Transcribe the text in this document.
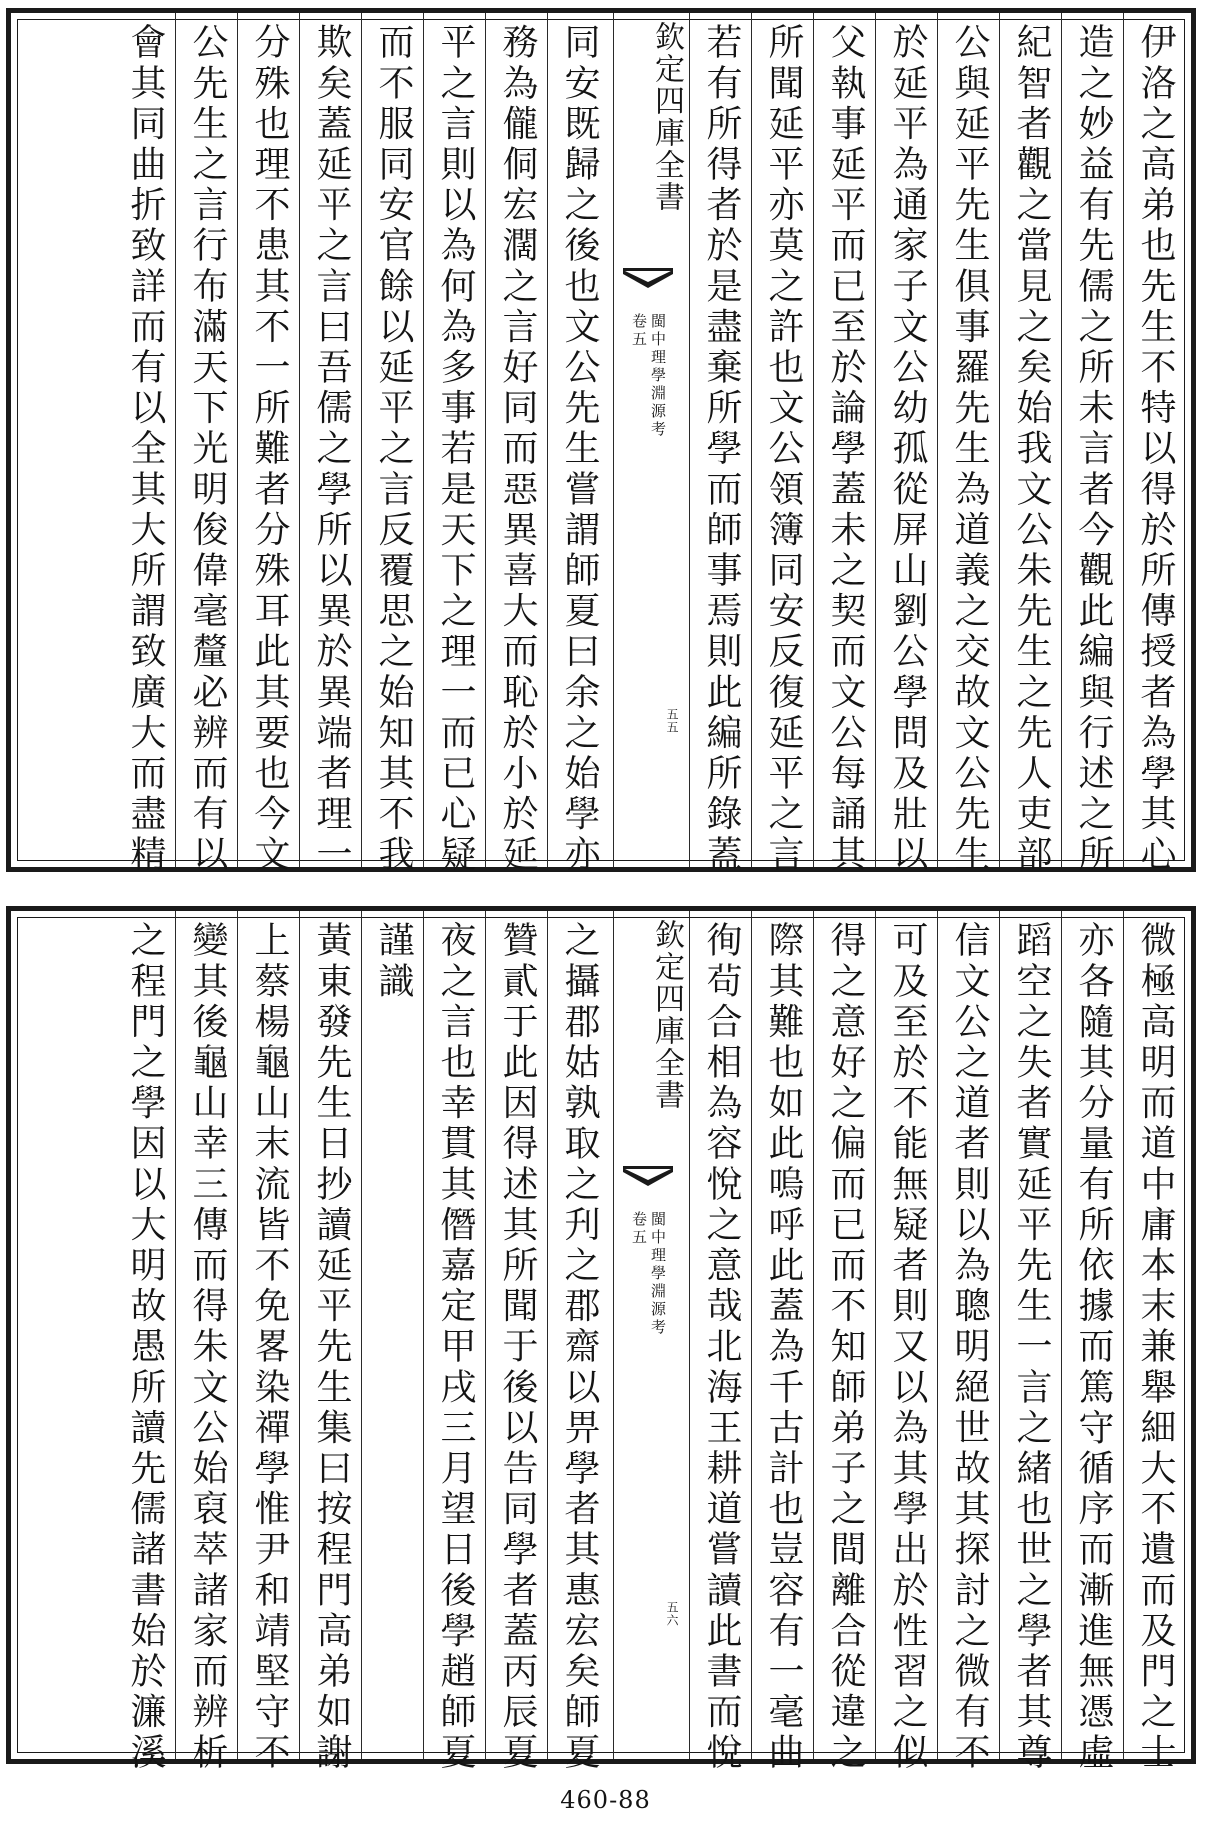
伊洛之高弟也先生不特以得於所傳授者為學其心
造之妙益有先儒之所未言者今觀此編與行述之所
紀智者觀之當見之矣始我文公朱先生之先人吏部
公與延平先生俱事羅先生為道義之交故文公先生
於延平為通家子文公幼孤從屏山劉公學問及壯以
父執事延平而已至於論學蓋未之契而文公每誦其
所聞延平亦莫之許也文公領簿同安反復延平之言
若有所得者於是盡棄所學而師事焉則此編所錄蓋
欽定四庫全書
閩中理學淵源考
卷五
五五
同安既歸之後也文公先生嘗謂師夏曰余之始學亦
務為儱侗宏濶之言好同而惡異喜大而恥於小於延
平之言則以為何為多事若是天下之理一而已心疑
而不服同安官餘以延平之言反覆思之始知其不我
欺矣蓋延平之言曰吾儒之學所以異於異端者理一
分殊也理不患其不一所難者分殊耳此其要也今文
公先生之言行布滿天下光明俊偉毫釐必辨而有以
會其同曲折致詳而有以全其大所謂致廣大而盡精
微極高明而道中庸本末兼舉細大不遺而及門之士
亦各隨其分量有所依據而篤守循序而漸進無憑虛
蹈空之失者實延平先生一言之緒也世之學者其尊
信文公之道者則以為聰明絕世故其探討之微有不
可及至於不能無疑者則又以為其學出於性習之似
得之意好之偏而已而不知師弟子之間離合從違之
際其難也如此嗚呼此蓋為千古計也豈容有一毫曲
徇茍合相為容悅之意哉北海王耕道嘗讀此書而悅
欽定四庫全書
閩中理學淵源考
卷五
五六
之攝郡姑孰取之刋之郡齋以畀學者其惠宏矣師夏
贊貳于此因得述其所聞于後以告同學者蓋丙辰夏
夜之言也幸貫其僭嘉定甲戌三月望日後學趙師夏
謹識
黃東發先生日抄讀延平先生集曰按程門高弟如謝
上蔡楊龜山末流皆不免畧染禪學惟尹和靖堅守不
變其後龜山幸三傳而得朱文公始裒萃諸家而辨析
之程門之學因以大明故愚所讀先儒諸書始於濂溪
460-88
